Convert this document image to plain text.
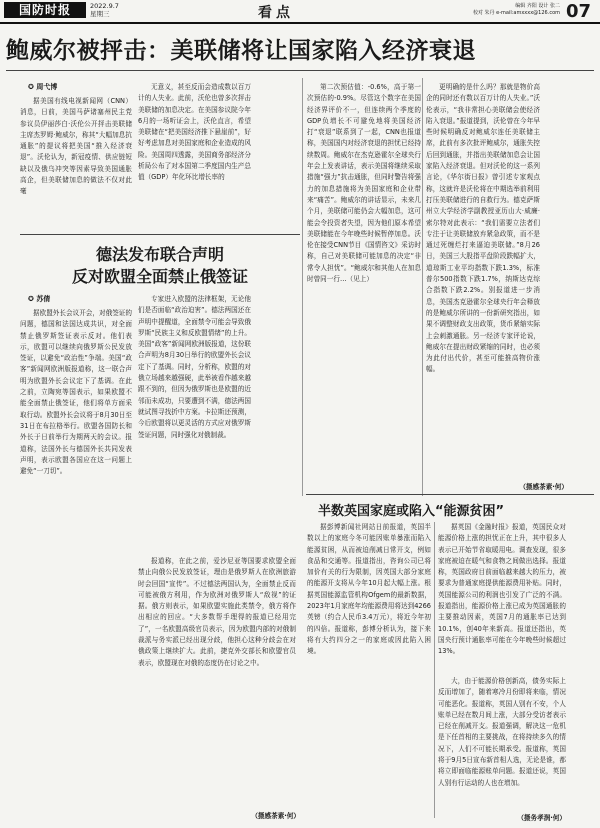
国防时报	2022.9.7
星期三	看点	编辑 齐阳 设计 张二
校对 朱丹 e-mail:amxxxx@126.com 07
鲍威尔被抨击：美联储将让国家陷入经济衰退
✪ 周弋博

据美国有线电视新闻网（CNN）消息，日前，美国马萨诸塞州民主党参议员伊丽莎白·沃伦公开抨击美联储主席杰罗姆·鲍威尔，称其“大幅加息抗通胀”的提议将把美国“推入经济衰退”。沃伦认为，新冠疫情、供应链短缺以及俄乌冲突等因素导致美国通胀高企，但美联储加息的做法不仅对此毫

无意义，甚至反而会造成数以百万计的人失业。此前，沃伦也曾多次抨击美联储的加息决定。在美国参议院今年6月的一场听证会上，沃伦直言，希望美联储在“把美国经济推下悬崖前”，好好考虑加息对美国家庭和企业造成的风险。美国周四透露，美国商务部经济分析局公布了对本国第二季度国内生产总值（GDP）年化环比增长率的

第二次预估值：-0.6%，高于第一次预估的-0.9%。尽管这个数字在美国经济界评价不一，但连续两个季度的GDP负增长不可避免地将美国经济打“衰退”联系到了一起，CNN也报道称，美国国内对经济衰退的担忧已经持续数周。鲍威尔在杰克逊霍尔全球央行年会上发表讲话，表示美国将继续采取措施“强力”抗击通胀，但同时警告将强力的加息措施将为美国家庭和企业带来“痛苦”。鲍威尔的讲话显示，未来几个月，美联储可能仍会大幅加息，这可能会令投资者失望，因为他们原本希望美联储能在今年晚些时候暂停加息。沃伦在接受CNN节目《国情咨文》采访时称，自己对美联储可能加息的决定“非常令人担忧”。“鲍威尔和其他人在加息时曾同一行…（见上）

更明确的是什么吗？那就是物价高企的同时还有数以百万计的人失业。”沃伦表示，“我非常担心美联储会使经济陷入衰退。”报道提到，沃伦曾在今年早些时候明确反对鲍威尔连任美联储主席，此前有多次批评鲍威尔，通胀失控后回到通胀，并指出美联储加息会让国家陷入经济衰退。但对沃伦的这一系列言论，《华尔街日报》曾引述专家观点称，这就许是沃伦将在中期选举前利用打压美联储进行的自救行为。德克萨斯州立大学经济学副教授亚历山大·威廉·索尔特对此表示：“我们需要立法者们专注于让美联储放弃紧急政策，而不是通过死缠烂打来逼迫美联储。”8月26日，美国三大股指平盘阶段跌幅扩大，道琼斯工业平均指数下跌1.3%，标准普尔500指数下跌1.7%，纳斯达克综合指数下跌2.2%。别报道进一步消息，美国杰克逊霍尔全球央行年会释放的是鲍威尔所讲的一份新研究指出，如果不调整财政支出政策，货币紧缩实际上会刺激通胀。另一经济专家评论说，鲍威尔在提出财政紧缩的同时，也必须为此付出代价，甚至可能推高物价涨幅。

（摄感茶素·何）
德法发布联合声明
反对欧盟全面禁止俄签证
✪ 苏倩

据欧盟外长会议开会，对俄签证的问题，德国和法国达成共识，对全面禁止俄罗斯签证表示反对。他们表示，欧盟可以继续向俄罗斯公民发放签证，以避免“政治性”争端。美国“政客”新闻网欧洲版报道称，这一联合声明为欧盟外长会议定下了基调。在此之前，立陶宛等国表示，如果欧盟不能全面禁止俄签证，他们将单方面采取行动。欧盟外长会议将于8月30日至31日在布拉格举行。欧盟各国防长和外长于日前举行为期两天的会议。报道称，法国外长与德国外长共同发表声明，表示欧盟各国应在这一问题上避免“一刀切”。

专家进入欧盟的法律框架，无论他们是否面临“政治迫害”。德法两国还在声明中提醒道，全面禁令可能会导致俄罗斯“民族主义和反欧盟情绪”的上升。美国“政客”新闻网欧洲版报道，这份联合声明为8月30日举行的欧盟外长会议定下了基调。同时，分析称，欧盟的对俄立场越来越强硬，此举被看作越来越跟不到的，但因为俄罗斯也是欧盟的近邻而未成功，只要遭到不满，德法两国就试图寻找折中方案。卡拉斯还预测，今后欧盟将以更灵活的方式应对俄罗斯签证问题，同时强化对俄制裁。

报道称，在此之前，爱沙尼亚等国要求欧盟全面禁止向俄公民发放签证，理由是俄罗斯人在欧洲旅游时会回国“宣传”。不过德法两国认为，全面禁止反而可能被俄方利用，作为欧洲对俄罗斯人“敌视”的证据。俄方则表示，如果欧盟实施此类禁令，俄方将作出相应的回应。“大多数帮手理得的报道已经用完了”，一名欧盟高级官员表示，因为欧盟内部的对俄制裁派与务实派已经出现分歧，他担心这种分歧会在对俄政策上继续扩大。此前，捷克外交部长和欧盟官员表示，欧盟现在对俄的态度仍在讨论之中。

（摄感茶素·何）
半数英国家庭或陷入“能源贫困”

据彭博新闻社网站日前报道，英国半数以上的家庭今冬可能因账单暴涨而陷入能源贫困，从而被迫削减日常开支，例如食品和交通等。报道指出，咨询公司已将加价有关的行为限制，因英国大部分家庭的能源开支将从今年10月起大幅上涨。根据英国能源监管机构Ofgem的最新数据，2023年1月家庭年均能源费用将达到4266英镑（约合人民币3.4万元），将近今年初的四倍。报道称，彭博分析认为，接下来将有大约四分之一的家庭或因此陷入困境。

据英国《金融时报》报道，英国民众对能源价格上涨的担忧正在上升，其中很多人表示已开始节省取暖用电。调查发现，很多家庭被迫在暖气和食物之间做出选择。报道称，英国政府目前面临越来越大的压力，被要求为普通家庭提供能源费用补贴。同时，英国能源公司的利润也引发了广泛的不满。报道指出，能源价格上涨已成为英国通胀的主要推动因素，英国7月的通胀率已达到10.1%，创40年来新高。报道还指出，英国央行预计通胀率可能在今年晚些时候超过13%。

大，由于能源价格创新高，债务实际上反而增加了，随着寒冷月份即将来临，情况可能恶化。报道称，英国人别有不安，个人账单已经在数月间上涨，大部分受访者表示已经在削减开支。报道强调，解决这一危机是下任首相的主要挑战，在将持续多久的情况下，人们不可能长期承受。报道称，英国将于9月5日宣布新首相人选，无论是谁，都将立即面临能源账单问题。报道还说，英国人别有行运动的人也在增加。

（摄务孝润·何）
